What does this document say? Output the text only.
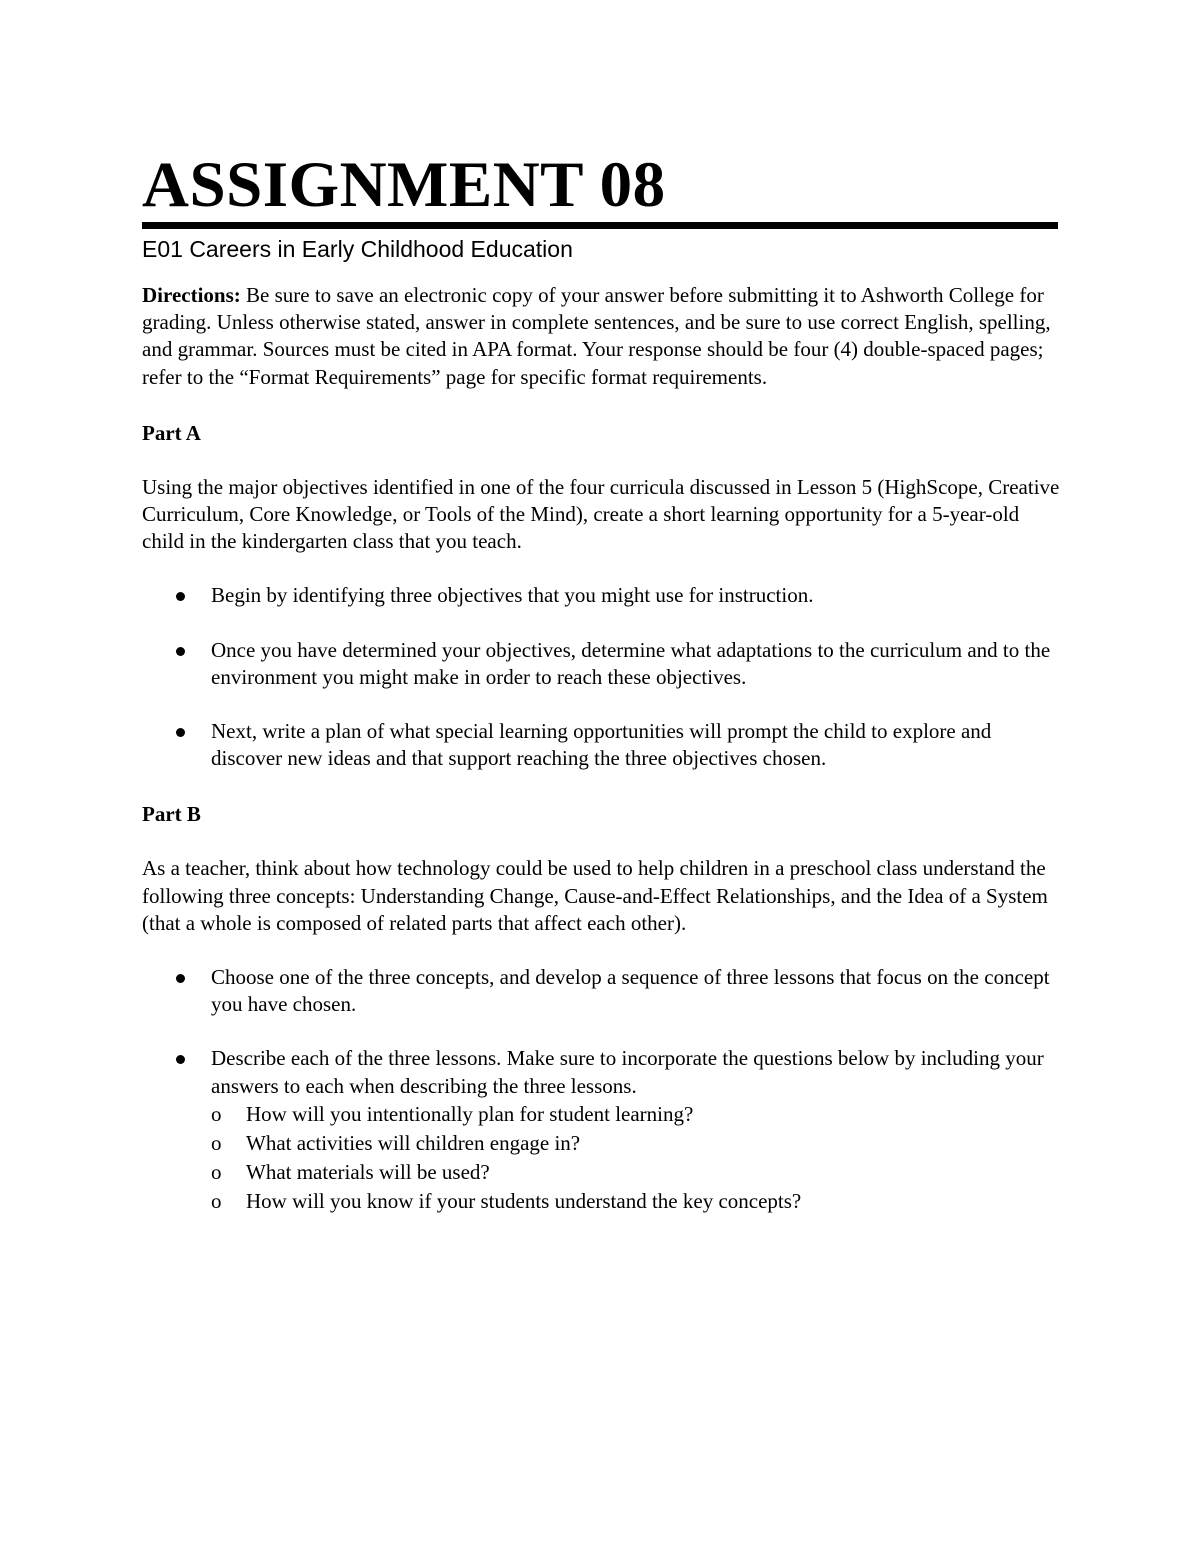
ASSIGNMENT 08
E01 Careers in Early Childhood Education

Directions: Be sure to save an electronic copy of your answer before submitting it to Ashworth College for grading. Unless otherwise stated, answer in complete sentences, and be sure to use correct English, spelling, and grammar. Sources must be cited in APA format. Your response should be four (4) double-spaced pages; refer to the “Format Requirements” page for specific format requirements.

Part A

Using the major objectives identified in one of the four curricula discussed in Lesson 5 (HighScope, Creative Curriculum, Core Knowledge, or Tools of the Mind), create a short learning opportunity for a 5-year-old child in the kindergarten class that you teach.

Begin by identifying three objectives that you might use for instruction.
Once you have determined your objectives, determine what adaptations to the curriculum and to the environment you might make in order to reach these objectives.
Next, write a plan of what special learning opportunities will prompt the child to explore and discover new ideas and that support reaching the three objectives chosen.

Part B

As a teacher, think about how technology could be used to help children in a preschool class understand the following three concepts: Understanding Change, Cause-and-Effect Relationships, and the Idea of a System (that a whole is composed of related parts that affect each other).

Choose one of the three concepts, and develop a sequence of three lessons that focus on the concept you have chosen.
Describe each of the three lessons. Make sure to incorporate the questions below by including your answers to each when describing the three lessons.
o How will you intentionally plan for student learning?
o What activities will children engage in?
o What materials will be used?
o How will you know if your students understand the key concepts?
